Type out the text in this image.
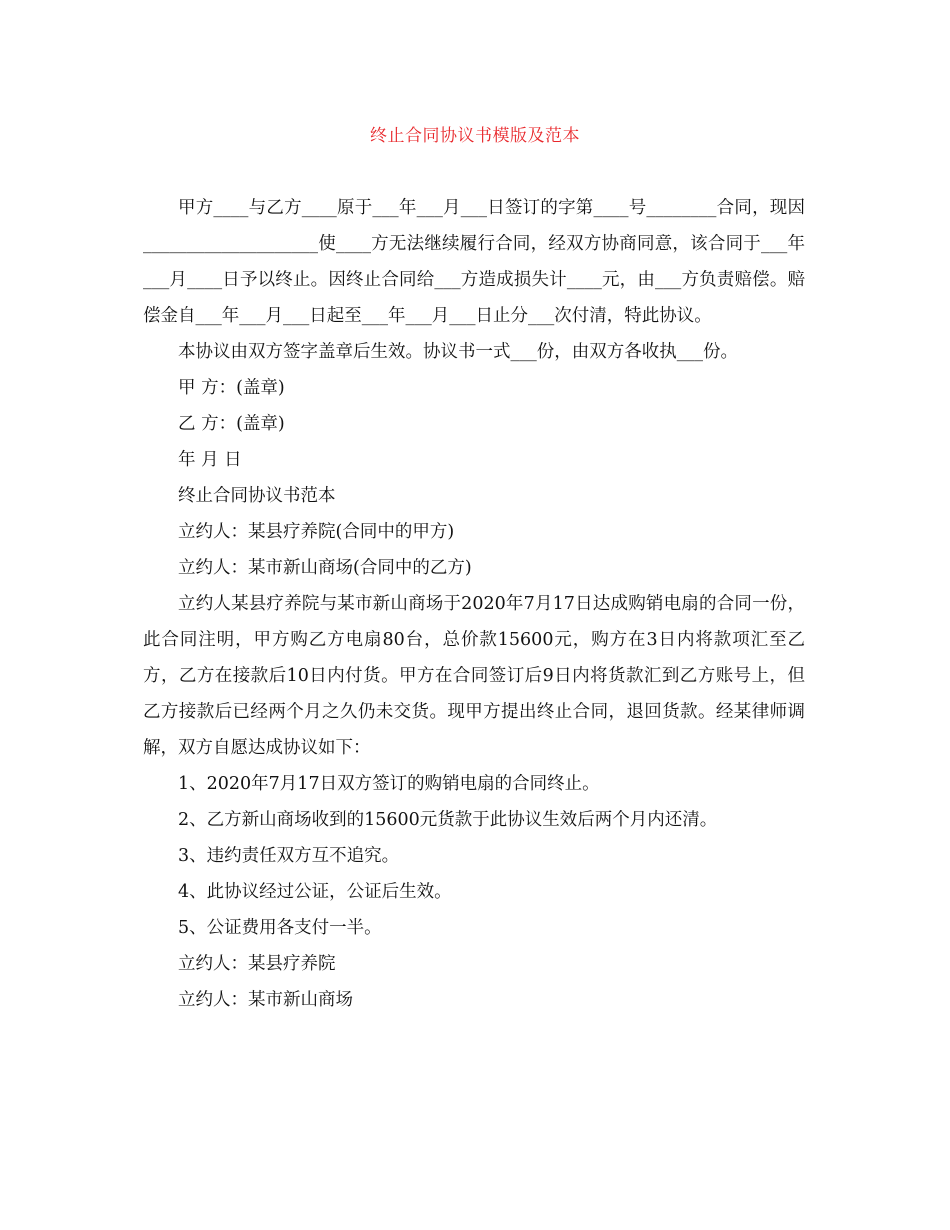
终止合同协议书模版及范本

甲方____与乙方____原于___年___月___日签订的字第____号________合同，现因____________________使____方无法继续履行合同，经双方协商同意，该合同于___年___月____日予以终止。因终止合同给___方造成损失计____元，由___方负责赔偿。赔偿金自___年___月___日起至___年___月___日止分___次付清，特此协议。

本协议由双方签字盖章后生效。协议书一式___份，由双方各收执___份。

甲 方：(盖章)

乙 方：(盖章)

年 月 日

终止合同协议书范本

立约人：某县疗养院(合同中的甲方)

立约人：某市新山商场(合同中的乙方)

立约人某县疗养院与某市新山商场于2020年7月17日达成购销电扇的合同一份，此合同注明，甲方购乙方电扇80台，总价款15600元，购方在3日内将款项汇至乙方，乙方在接款后10日内付货。甲方在合同签订后9日内将货款汇到乙方账号上，但乙方接款后已经两个月之久仍未交货。现甲方提出终止合同，退回货款。经某律师调解，双方自愿达成协议如下：

1、2020年7月17日双方签订的购销电扇的合同终止。

2、乙方新山商场收到的15600元货款于此协议生效后两个月内还清。

3、违约责任双方互不追究。

4、此协议经过公证，公证后生效。

5、公证费用各支付一半。

立约人：某县疗养院

立约人：某市新山商场
